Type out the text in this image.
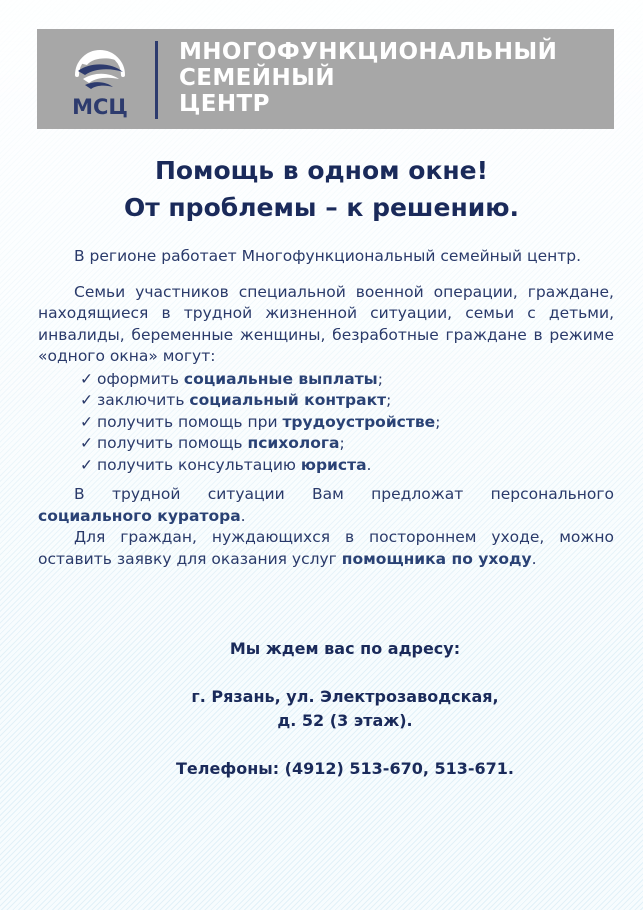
МСЦ
МНОГОФУНКЦИОНАЛЬНЫЙ
СЕМЕЙНЫЙ
ЦЕНТР
Помощь в одном окне!
От проблемы – к решению.

В регионе работает Многофункциональный семейный центр.

Семьи участников специальной военной операции, граждане, находящиеся в трудной жизненной ситуации, семьи с детьми, инвалиды, беременные женщины, безработные граждане в режиме «одного окна» могут:

✓ оформить социальные выплаты;
✓ заключить социальный контракт;
✓ получить помощь при трудоустройстве;
✓ получить помощь психолога;
✓ получить консультацию юриста.

В трудной ситуации Вам предложат персонального социального куратора.

Для граждан, нуждающихся в постороннем уходе, можно оставить заявку для оказания услуг помощника по уходу.

Мы ждем вас по адресу:
г. Рязань, ул. Электрозаводская,
д. 52 (3 этаж).
Телефоны: (4912) 513-670, 513-671.
